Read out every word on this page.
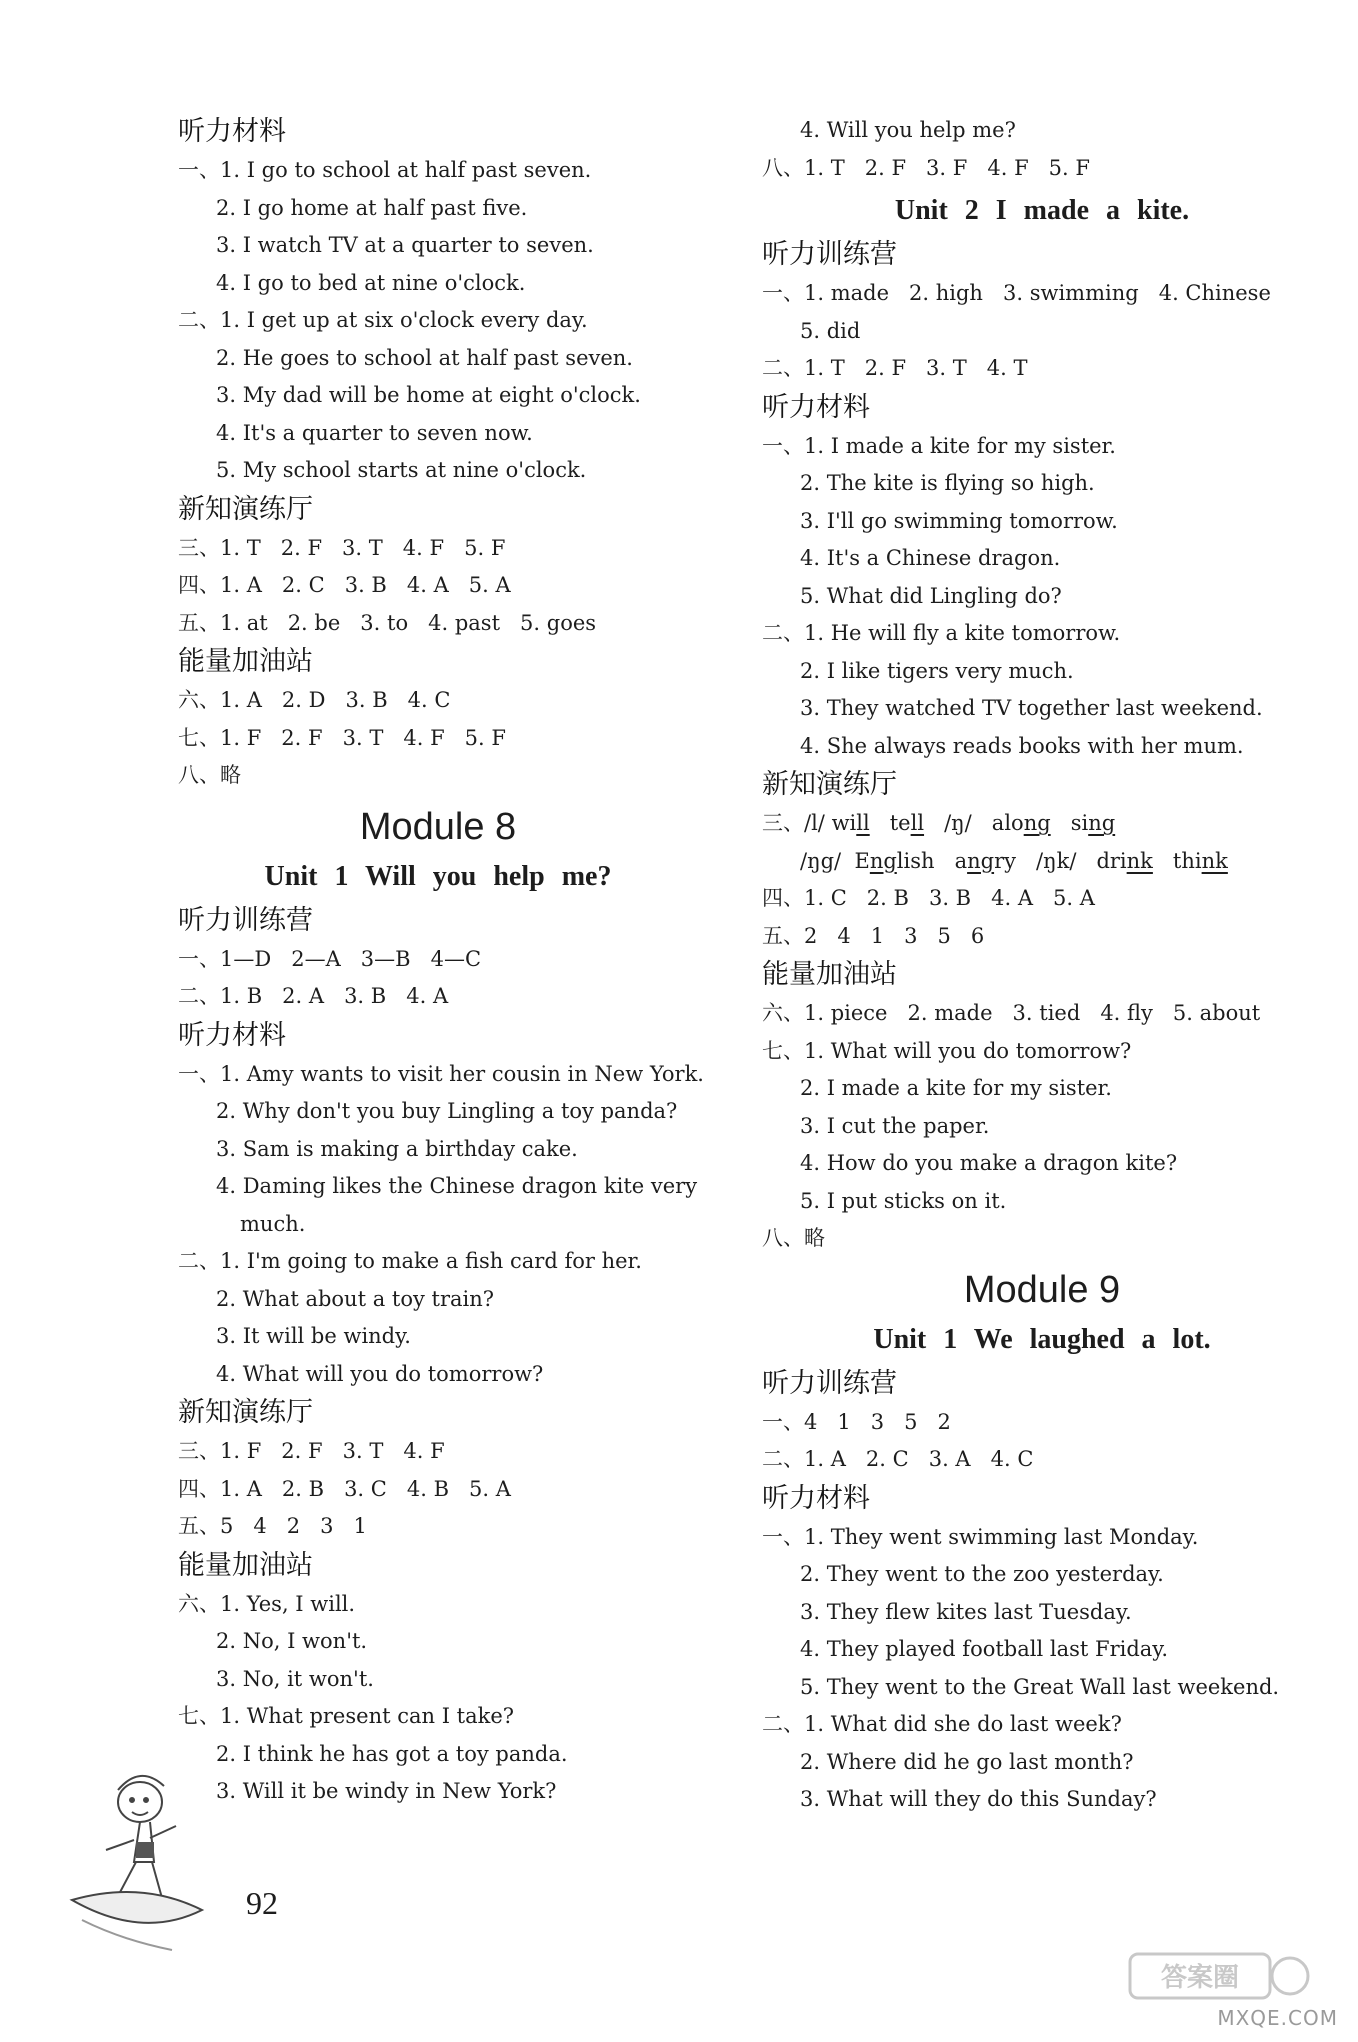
听力材料
一、1. I go to school at half past seven.
2. I go home at half past five.
3. I watch TV at a quarter to seven.
4. I go to bed at nine o'clock.
二、1. I get up at six o'clock every day.
2. He goes to school at half past seven.
3. My dad will be home at eight o'clock.
4. It's a quarter to seven now.
5. My school starts at nine o'clock.
新知演练厅
三、1. T   2. F   3. T   4. F   5. F
四、1. A   2. C   3. B   4. A   5. A
五、1. at   2. be   3. to   4. past   5. goes
能量加油站
六、1. A   2. D   3. B   4. C
七、1. F   2. F   3. T   4. F   5. F
八、略
Module 8
Unit 1 Will you help me?
听力训练营
一、1—D   2—A   3—B   4—C
二、1. B   2. A   3. B   4. A
听力材料
一、1. Amy wants to visit her cousin in New York.
2. Why don't you buy Lingling a toy panda?
3. Sam is making a birthday cake.
4. Daming likes the Chinese dragon kite very
much.
二、1. I'm going to make a fish card for her.
2. What about a toy train?
3. It will be windy.
4. What will you do tomorrow?
新知演练厅
三、1. F   2. F   3. T   4. F
四、1. A   2. B   3. C   4. B   5. A
五、5   4   2   3   1
能量加油站
六、1. Yes, I will.
2. No, I won't.
3. No, it won't.
七、1. What present can I take?
2. I think he has got a toy panda.
3. Will it be windy in New York?
4. Will you help me?
八、1. T   2. F   3. F   4. F   5. F
Unit 2 I made a kite.
听力训练营
一、1. made   2. high   3. swimming   4. Chinese
5. did
二、1. T   2. F   3. T   4. T
听力材料
一、1. I made a kite for my sister.
2. The kite is flying so high.
3. I'll go swimming tomorrow.
4. It's a Chinese dragon.
5. What did Lingling do?
二、1. He will fly a kite tomorrow.
2. I like tigers very much.
3. They watched TV together last weekend.
4. She always reads books with her mum.
新知演练厅
三、/l/ will tell /ŋ/ along sing
/ŋg/ English angry /ŋk/ drink think
四、1. C   2. B   3. B   4. A   5. A
五、2   4   1   3   5   6
能量加油站
六、1. piece   2. made   3. tied   4. fly   5. about
七、1. What will you do tomorrow?
2. I made a kite for my sister.
3. I cut the paper.
4. How do you make a dragon kite?
5. I put sticks on it.
八、略
Module 9
Unit 1 We laughed a lot.
听力训练营
一、4   1   3   5   2
二、1. A   2. C   3. A   4. C
听力材料
一、1. They went swimming last Monday.
2. They went to the zoo yesterday.
3. They flew kites last Tuesday.
4. They played football last Friday.
5. They went to the Great Wall last weekend.
二、1. What did she do last week?
2. Where did he go last month?
3. What will they do this Sunday?
92
答案圈
MXQE.COM
